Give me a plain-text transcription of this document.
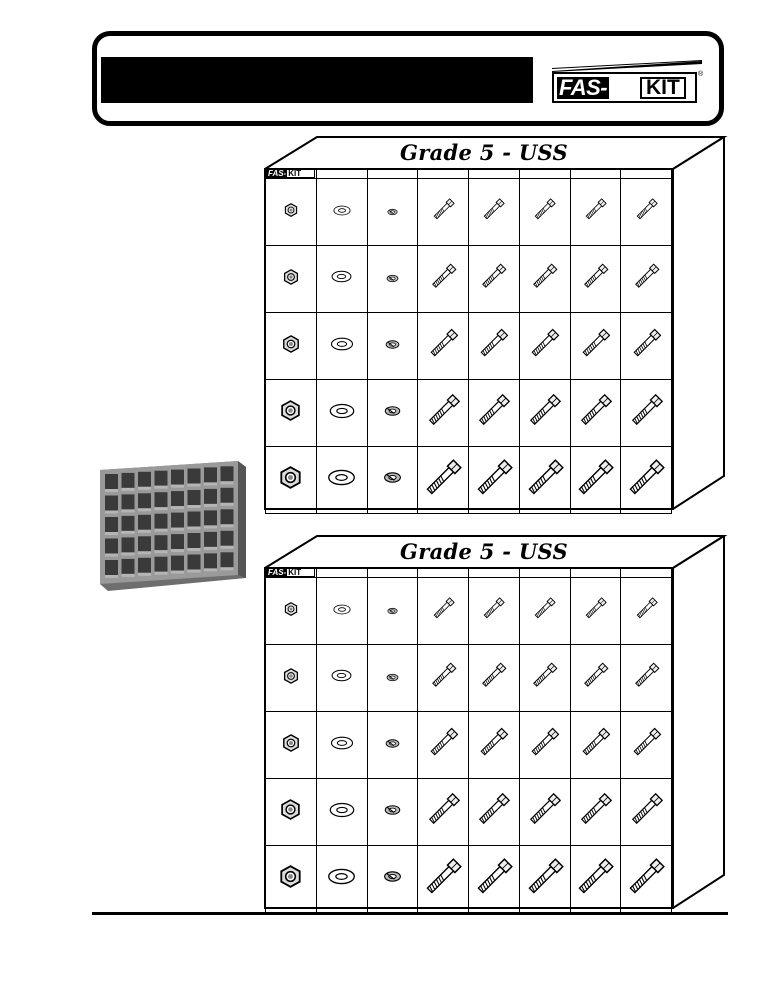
FAS- KIT
®
Grade 5 - USS

FAS- KIT
Grade 5 - USS

FAS- KIT
